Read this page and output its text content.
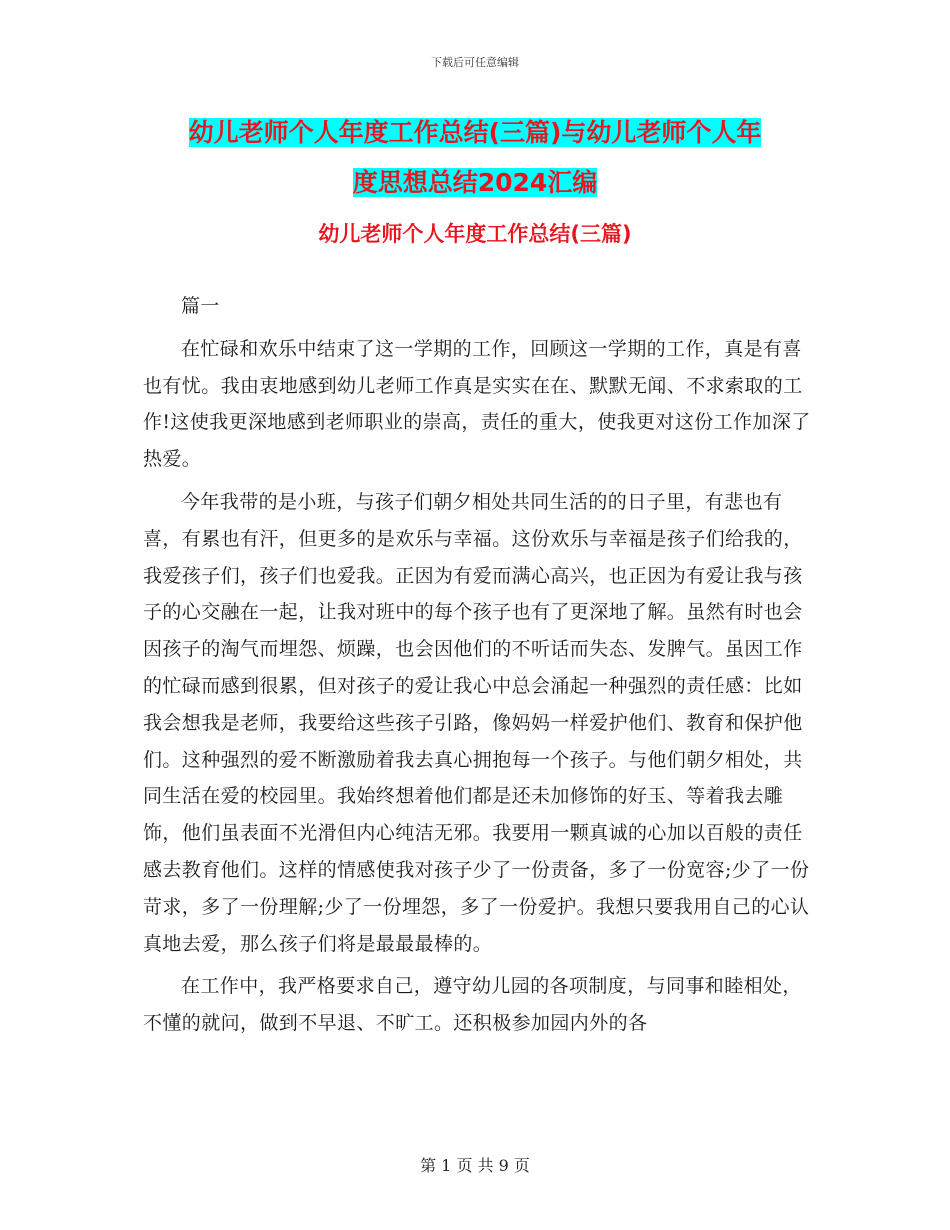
下载后可任意编辑
幼儿老师个人年度工作总结(三篇)与幼儿老师个人年
度思想总结2024汇编
幼儿老师个人年度工作总结(三篇)

篇一

在忙碌和欢乐中结束了这一学期的工作，回顾这一学期的工作，真是有喜也有忧。我由衷地感到幼儿老师工作真是实实在在、默默无闻、不求索取的工作!这使我更深地感到老师职业的崇高，责任的重大，使我更对这份工作加深了热爱。

今年我带的是小班，与孩子们朝夕相处共同生活的的日子里，有悲也有喜，有累也有汗，但更多的是欢乐与幸福。这份欢乐与幸福是孩子们给我的，我爱孩子们，孩子们也爱我。正因为有爱而满心高兴，也正因为有爱让我与孩子的心交融在一起，让我对班中的每个孩子也有了更深地了解。虽然有时也会因孩子的淘气而埋怨、烦躁，也会因他们的不听话而失态、发脾气。虽因工作的忙碌而感到很累，但对孩子的爱让我心中总会涌起一种强烈的责任感：比如我会想我是老师，我要给这些孩子引路，像妈妈一样爱护他们、教育和保护他们。这种强烈的爱不断激励着我去真心拥抱每一个孩子。与他们朝夕相处，共同生活在爱的校园里。我始终想着他们都是还未加修饰的好玉、等着我去雕饰，他们虽表面不光滑但内心纯洁无邪。我要用一颗真诚的心加以百般的责任感去教育他们。这样的情感使我对孩子少了一份责备，多了一份宽容;少了一份苛求，多了一份理解;少了一份埋怨，多了一份爱护。我想只要我用自己的心认真地去爱，那么孩子们将是最最最棒的。

在工作中，我严格要求自己，遵守幼儿园的各项制度，与同事和睦相处，不懂的就问，做到不早退、不旷工。还积极参加园内外的各

第 1 页 共 9 页
